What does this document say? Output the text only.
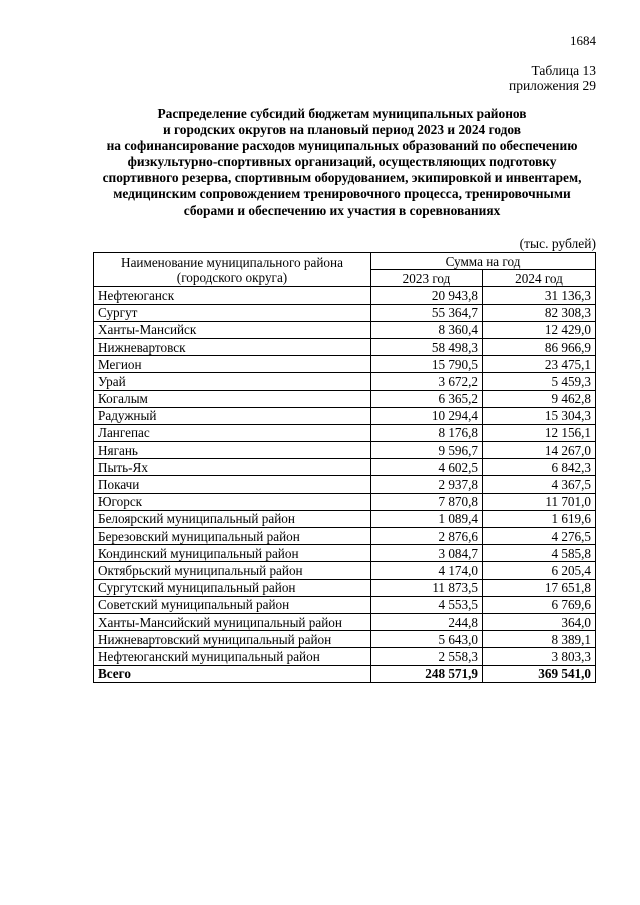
1684
Таблица 13
приложения 29
Распределение субсидий бюджетам муниципальных районов
и городских округов на плановый период 2023 и 2024 годов
на софинансирование расходов муниципальных образований по обеспечению
физкультурно-спортивных организаций, осуществляющих подготовку
спортивного резерва, спортивным оборудованием, экипировкой и инвентарем,
медицинским сопровождением тренировочного процесса, тренировочными
сборами и обеспечению их участия в соревнованиях
(тыс. рублей)
Наименование муниципального района
(городского округа)	Сумма на год	
	2023 год	2024 год
Нефтеюганск	20 943,8	31 136,3
Сургут	55 364,7	82 308,3
Ханты-Мансийск	8 360,4	12 429,0
Нижневартовск	58 498,3	86 966,9
Мегион	15 790,5	23 475,1
Урай	3 672,2	5 459,3
Когалым	6 365,2	9 462,8
Радужный	10 294,4	15 304,3
Лангепас	8 176,8	12 156,1
Нягань	9 596,7	14 267,0
Пыть-Ях	4 602,5	6 842,3
Покачи	2 937,8	4 367,5
Югорск	7 870,8	11 701,0
Белоярский муниципальный район	1 089,4	1 619,6
Березовский муниципальный район	2 876,6	4 276,5
Кондинский муниципальный район	3 084,7	4 585,8
Октябрьский муниципальный район	4 174,0	6 205,4
Сургутский муниципальный район	11 873,5	17 651,8
Советский муниципальный район	4 553,5	6 769,6
Ханты-Мансийский муниципальный район	244,8	364,0
Нижневартовский муниципальный район	5 643,0	8 389,1
Нефтеюганский муниципальный район	2 558,3	3 803,3
Всего	248 571,9	369 541,0
